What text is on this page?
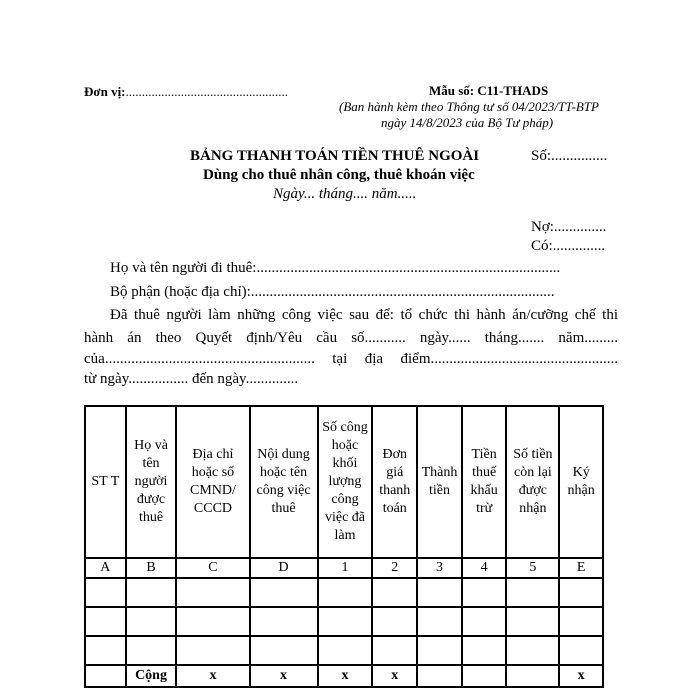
Đơn vị:..................................................	Mẫu số: C11-THADS
(Ban hành kèm theo Thông tư số 04/2023/TT-BTP
ngày 14/8/2023 của Bộ Tư pháp)
BẢNG THANH TOÁN TIỀN THUÊ NGOÀI	Số:...............
Dùng cho thuê nhân công, thuê khoán việc
Ngày... tháng.... năm.....
Nợ:..............
Có:..............
Họ và tên người đi thuê:.................................................................................
Bộ phận (hoặc địa chỉ):.................................................................................
Đã thuê người làm những công việc sau để: tổ chức thi hành án/cưỡng chế thi
hành án theo Quyết định/Yêu cầu số........... ngày...... tháng....... năm.........
của........................................................ tại địa điểm..................................................
từ ngày................ đến ngày..............
ST T	Họ và tên người được thuê	Địa chỉ hoặc số CMND/ CCCD	Nội dung hoặc tên công việc thuê	Số công hoặc khối lượng công việc đã làm	Đơn giá thanh toán	Thành tiền	Tiền thuế khấu trừ	Số tiền còn lại được nhận	Ký nhận
A	B	C	D	1	2	3	4	5	E

	Cộng	x	x	x	x				x
